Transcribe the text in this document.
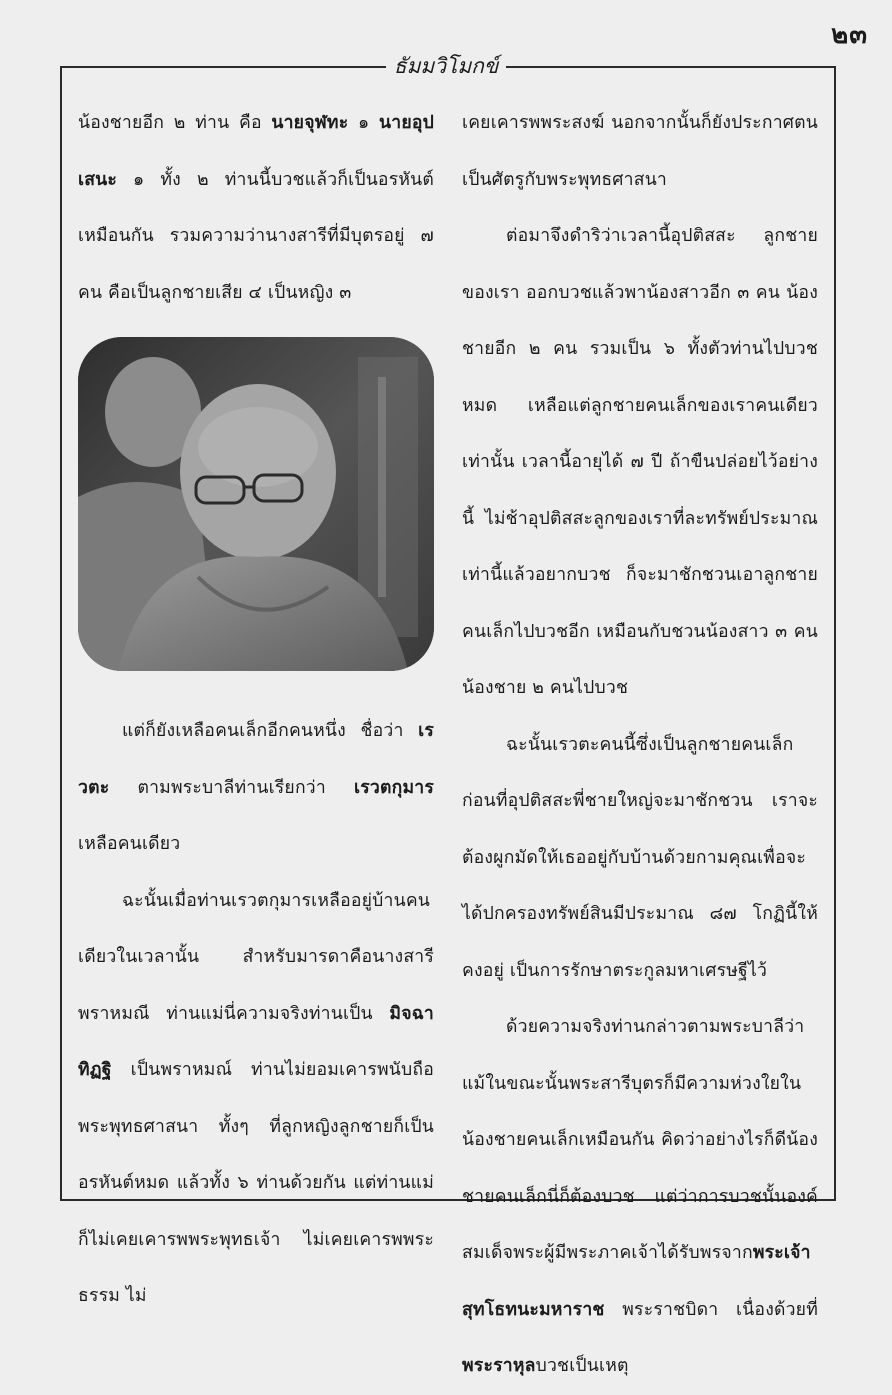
๒๓
ธัมมวิโมกข์

น้องชายอีก ๒ ท่าน คือ นายจุฬทะ ๑ นายอุปเสนะ ๑ ทั้ง ๒ ท่านนี้บวชแล้วก็เป็นอรหันต์เหมือนกัน รวมความว่านางสารีที่มีบุตรอยู่ ๗ คน คือเป็นลูกชายเสีย ๔ เป็นหญิง ๓

แต่ก็ยังเหลือคนเล็กอีกคนหนึ่ง ชื่อว่า เรวตะ ตามพระบาลีท่านเรียกว่า เรวตกุมาร เหลือคนเดียว

ฉะนั้นเมื่อท่านเรวตกุมารเหลืออยู่บ้านคนเดียวในเวลานั้น สำหรับมารดาคือนางสารีพราหมณี ท่านแม่นี่ความจริงท่านเป็น มิจฉาทิฏฐิ เป็นพราหมณ์ ท่านไม่ยอมเคารพนับถือพระพุทธศาสนา ทั้งๆ ที่ลูกหญิงลูกชายก็เป็นอรหันต์หมด แล้วทั้ง ๖ ท่านด้วยกัน แต่ท่านแม่ก็ไม่เคยเคารพพระพุทธเจ้า ไม่เคยเคารพพระธรรม ไม่

เคยเคารพพระสงฆ์ นอกจากนั้นก็ยังประกาศตนเป็นศัตรูกับพระพุทธศาสนา

ต่อมาจึงดำริว่าเวลานี้อุปติสสะ ลูกชายของเรา ออกบวชแล้วพาน้องสาวอีก ๓ คน น้องชายอีก ๒ คน รวมเป็น ๖ ทั้งตัวท่านไปบวชหมด เหลือแต่ลูกชายคนเล็กของเราคนเดียวเท่านั้น เวลานี้อายุได้ ๗ ปี ถ้าขืนปล่อยไว้อย่างนี้ ไม่ช้าอุปติสสะลูกของเราที่ละทรัพย์ประมาณเท่านี้แล้วอยากบวช ก็จะมาชักชวนเอาลูกชายคนเล็กไปบวชอีก เหมือนกับชวนน้องสาว ๓ คน น้องชาย ๒ คนไปบวช

ฉะนั้นเรวตะคนนี้ซึ่งเป็นลูกชายคนเล็กก่อนที่อุปติสสะพี่ชายใหญ่จะมาชักชวน เราจะต้องผูกมัดให้เธออยู่กับบ้านด้วยกามคุณเพื่อจะได้ปกครองทรัพย์สินมีประมาณ ๘๗ โกฏินี้ให้คงอยู่ เป็นการรักษาตระกูลมหาเศรษฐีไว้

ด้วยความจริงท่านกล่าวตามพระบาลีว่าแม้ในขณะนั้นพระสารีบุตรก็มีความห่วงใยในน้องชายคนเล็กเหมือนกัน คิดว่าอย่างไรก็ดีน้องชายคนเล็กนี่ก็ต้องบวช แต่ว่าการบวชนั้นองค์สมเด็จพระผู้มีพระภาคเจ้าได้รับพรจากพระเจ้าสุทโธทนะมหาราช พระราชบิดา เนื่องด้วยที่พระราหุลบวชเป็นเหตุ
